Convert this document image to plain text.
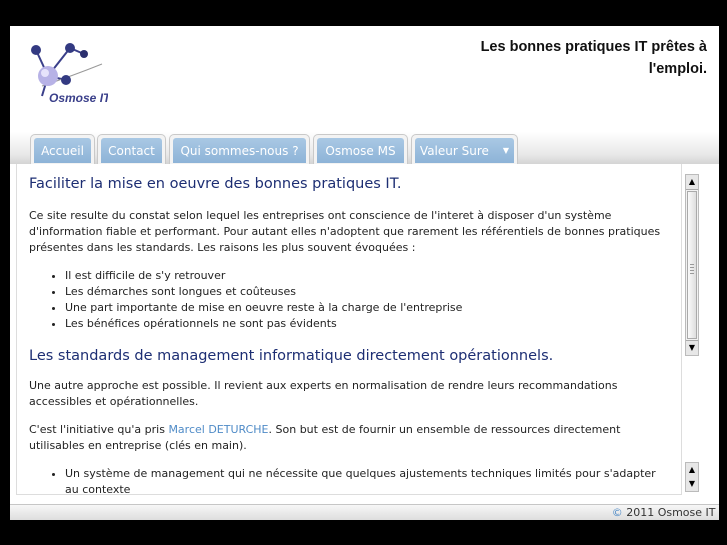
Osmose IT
Les bonnes pratiques IT prêtes à l'emploi.
Accueil Contact Qui sommes-nous ? Osmose MS Valeur Sure ▼
Faciliter la mise en oeuvre des bonnes pratiques IT.

Ce site resulte du constat selon lequel les entreprises ont conscience de l'interet à disposer d'un système d'information fiable et performant. Pour autant elles n'adoptent que rarement les référentiels de bonnes pratiques présentes dans les standards. Les raisons les plus souvent évoquées :

• Il est difficile de s'y retrouver
• Les démarches sont longues et coûteuses
• Une part importante de mise en oeuvre reste à la charge de l'entreprise
• Les bénéfices opérationnels ne sont pas évidents
Les standards de management informatique directement opérationnels.

Une autre approche est possible. Il revient aux experts en normalisation de rendre leurs recommandations accessibles et opérationnelles.

C'est l'initiative qu'a pris Marcel DETURCHE. Son but est de fournir un ensemble de ressources directement utilisables en entreprise (clés en main).

• Un système de management qui ne nécessite que quelques ajustements techniques limités pour s'adapter au contexte
▲
▼
▲
▼
© 2011 Osmose IT
